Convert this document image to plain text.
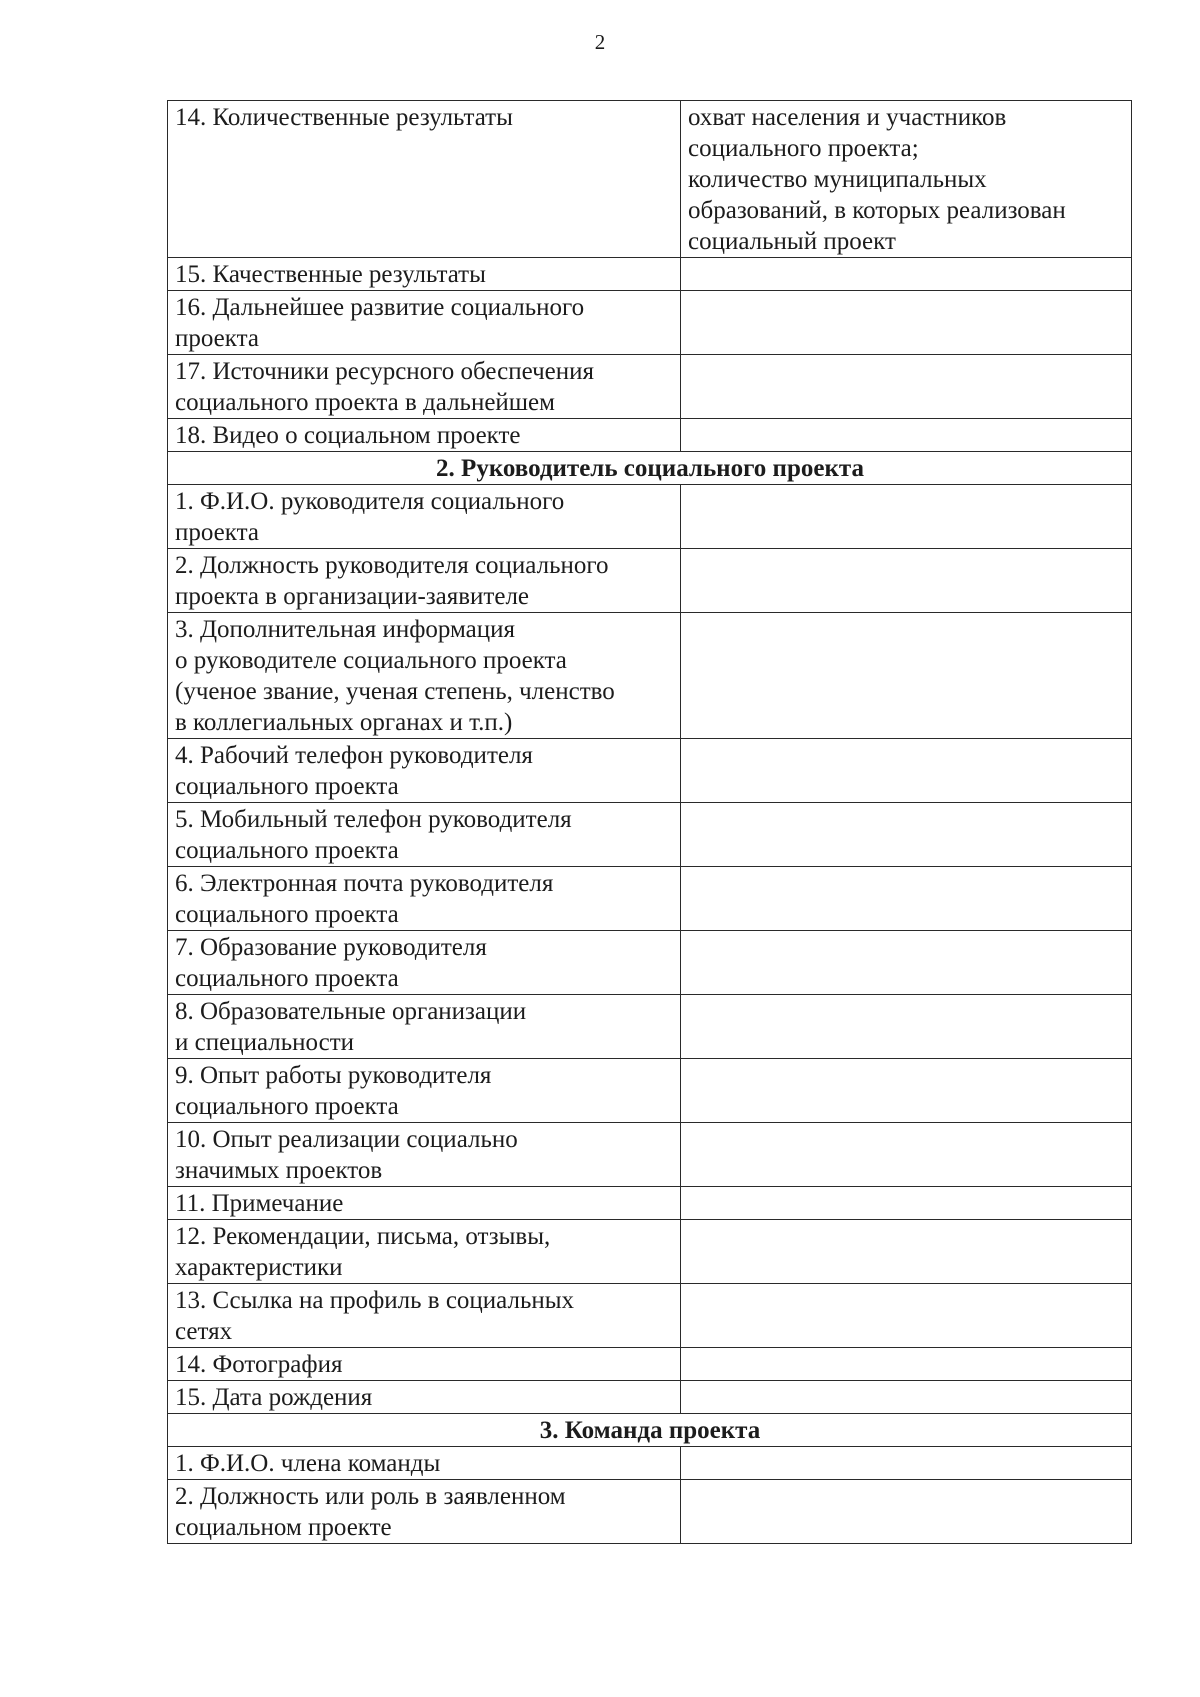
2
14. Количественные результаты	охват населения и участников
социального проекта;
количество муниципальных
образований, в которых реализован
социальный проект
15. Качественные результаты	
16. Дальнейшее развитие социального
проекта	
17. Источники ресурсного обеспечения
социального проекта в дальнейшем	
18. Видео о социальном проекте	
2. Руководитель социального проекта	
1. Ф.И.О. руководителя социального
проекта	
2. Должность руководителя социального
проекта в организации-заявителе	
3. Дополнительная информация
о руководителе социального проекта
(ученое звание, ученая степень, членство
в коллегиальных органах и т.п.)	
4. Рабочий телефон руководителя
социального проекта	
5. Мобильный телефон руководителя
социального проекта	
6. Электронная почта руководителя
социального проекта	
7. Образование руководителя
социального проекта	
8. Образовательные организации
и специальности	
9. Опыт работы руководителя
социального проекта	
10. Опыт реализации социально
значимых проектов	
11. Примечание	
12. Рекомендации, письма, отзывы,
характеристики	
13. Ссылка на профиль в социальных
сетях	
14. Фотография	
15. Дата рождения	
3. Команда проекта	
1. Ф.И.О. члена команды	
2. Должность или роль в заявленном
социальном проекте	
